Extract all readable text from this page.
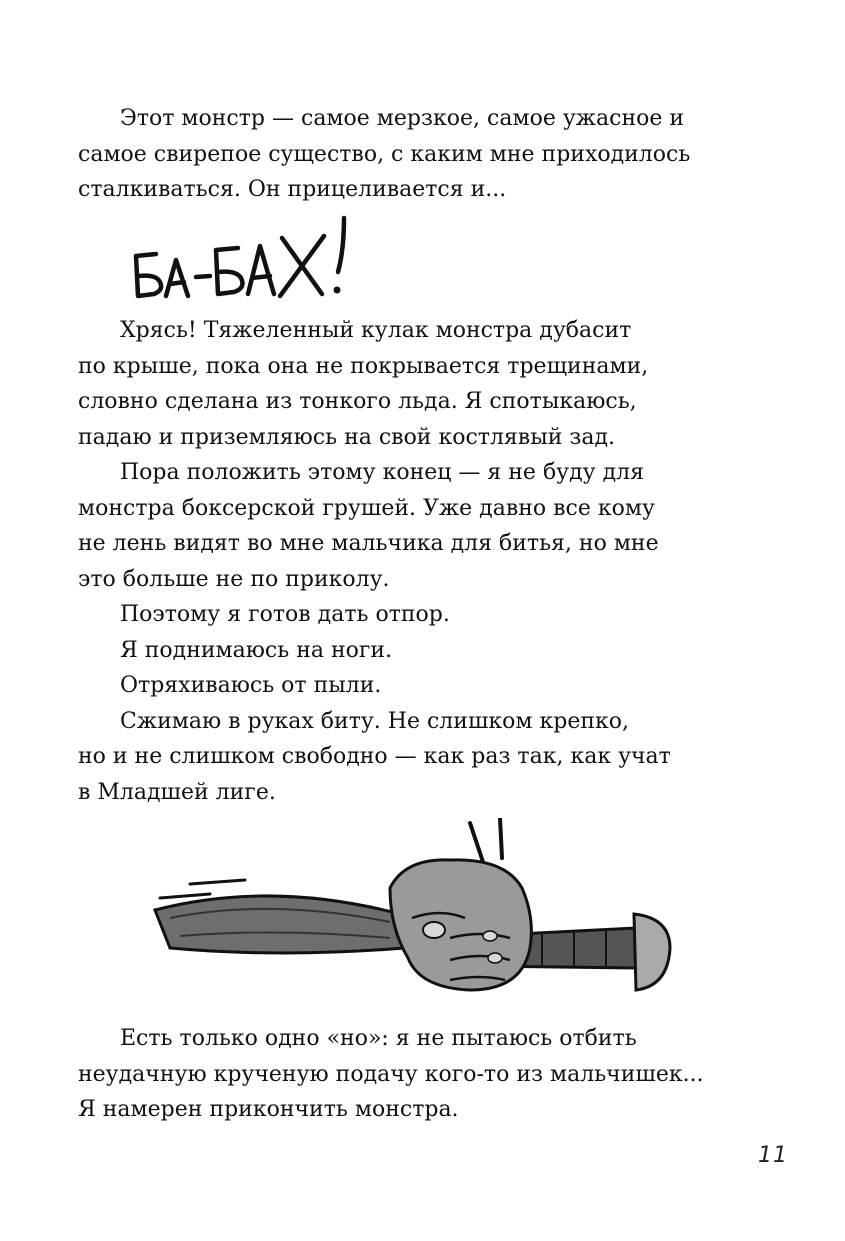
Этот монстр — самое мерзкое, самое ужасное и
самое свирепое существо, с каким мне приходилось
сталкиваться. Он прицеливается и...

Хрясь! Тяжеленный кулак монстра дубасит
по крыше, пока она не покрывается трещинами,
словно сделана из тонкого льда. Я спотыкаюсь,
падаю и приземляюсь на свой костлявый зад.
Пора положить этому конец — я не буду для
монстра боксерской грушей. Уже давно все кому
не лень видят во мне мальчика для битья, но мне
это больше не по приколу.
Поэтому я готов дать отпор.
Я поднимаюсь на ноги.
Отряхиваюсь от пыли.
Сжимаю в руках биту. Не слишком крепко,
но и не слишком свободно — как раз так, как учат
в Младшей лиге.

Есть только одно «но»: я не пытаюсь отбить
неудачную крученую подачу кого-то из мальчишек...
Я намерен прикончить монстра.

11
